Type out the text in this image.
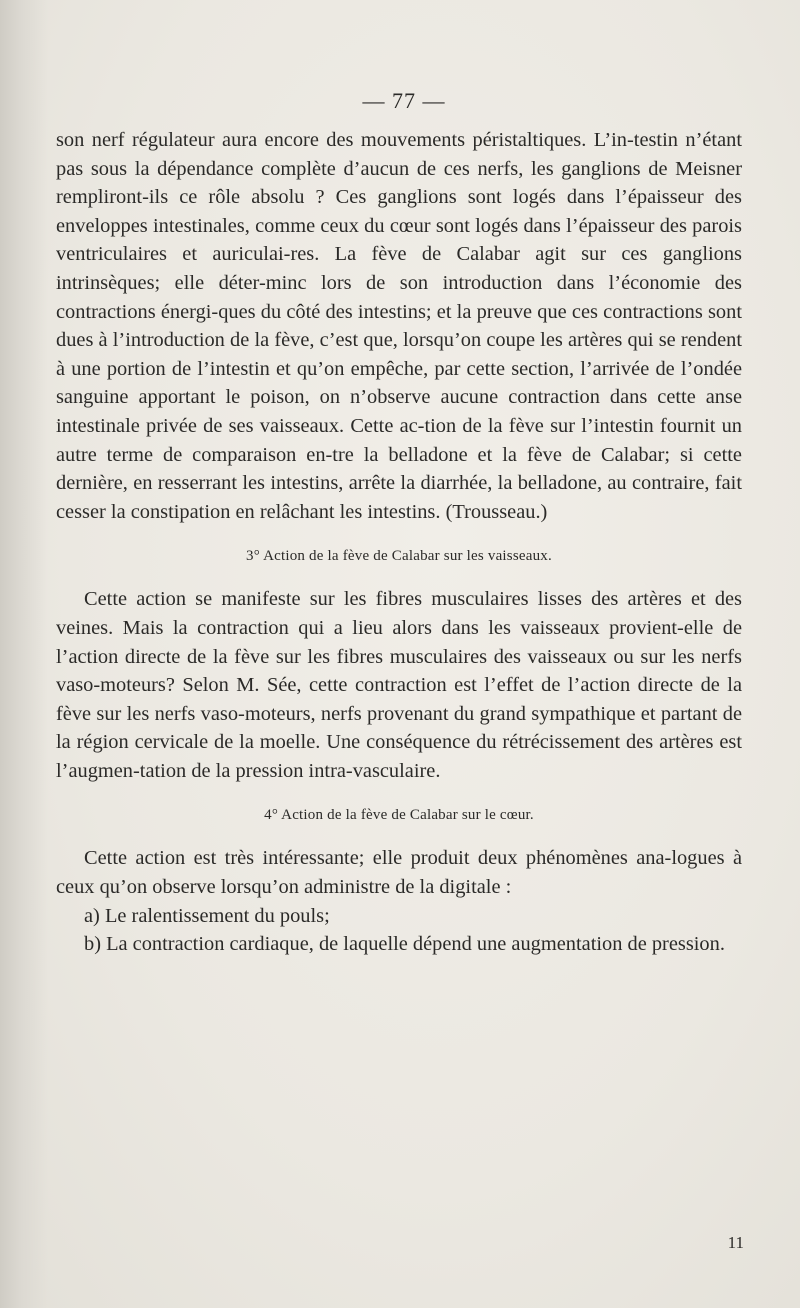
— 77 —

son nerf régulateur aura encore des mouvements péristaltiques. L’in-testin n’étant pas sous la dépendance complète d’aucun de ces nerfs, les ganglions de Meisner rempliront-ils ce rôle absolu ? Ces ganglions sont logés dans l’épaisseur des enveloppes intestinales, comme ceux du cœur sont logés dans l’épaisseur des parois ventriculaires et auriculai-res. La fève de Calabar agit sur ces ganglions intrinsèques; elle déter-minc lors de son introduction dans l’économie des contractions énergi-ques du côté des intestins; et la preuve que ces contractions sont dues à l’introduction de la fève, c’est que, lorsqu’on coupe les artères qui se rendent à une portion de l’intestin et qu’on empêche, par cette section, l’arrivée de l’ondée sanguine apportant le poison, on n’observe aucune contraction dans cette anse intestinale privée de ses vaisseaux. Cette ac-tion de la fève sur l’intestin fournit un autre terme de comparaison en-tre la belladone et la fève de Calabar; si cette dernière, en resserrant les intestins, arrête la diarrhée, la belladone, au contraire, fait cesser la constipation en relâchant les intestins. (Trousseau.)

3° Action de la fève de Calabar sur les vaisseaux.

Cette action se manifeste sur les fibres musculaires lisses des artères et des veines. Mais la contraction qui a lieu alors dans les vaisseaux provient-elle de l’action directe de la fève sur les fibres musculaires des vaisseaux ou sur les nerfs vaso-moteurs? Selon M. Sée, cette contraction est l’effet de l’action directe de la fève sur les nerfs vaso-moteurs, nerfs provenant du grand sympathique et partant de la région cervicale de la moelle. Une conséquence du rétrécissement des artères est l’augmen-tation de la pression intra-vasculaire.

4° Action de la fève de Calabar sur le cœur.

Cette action est très intéressante; elle produit deux phénomènes ana-logues à ceux qu’on observe lorsqu’on administre de la digitale :

a) Le ralentissement du pouls;

b) La contraction cardiaque, de laquelle dépend une augmentation de pression.

11
